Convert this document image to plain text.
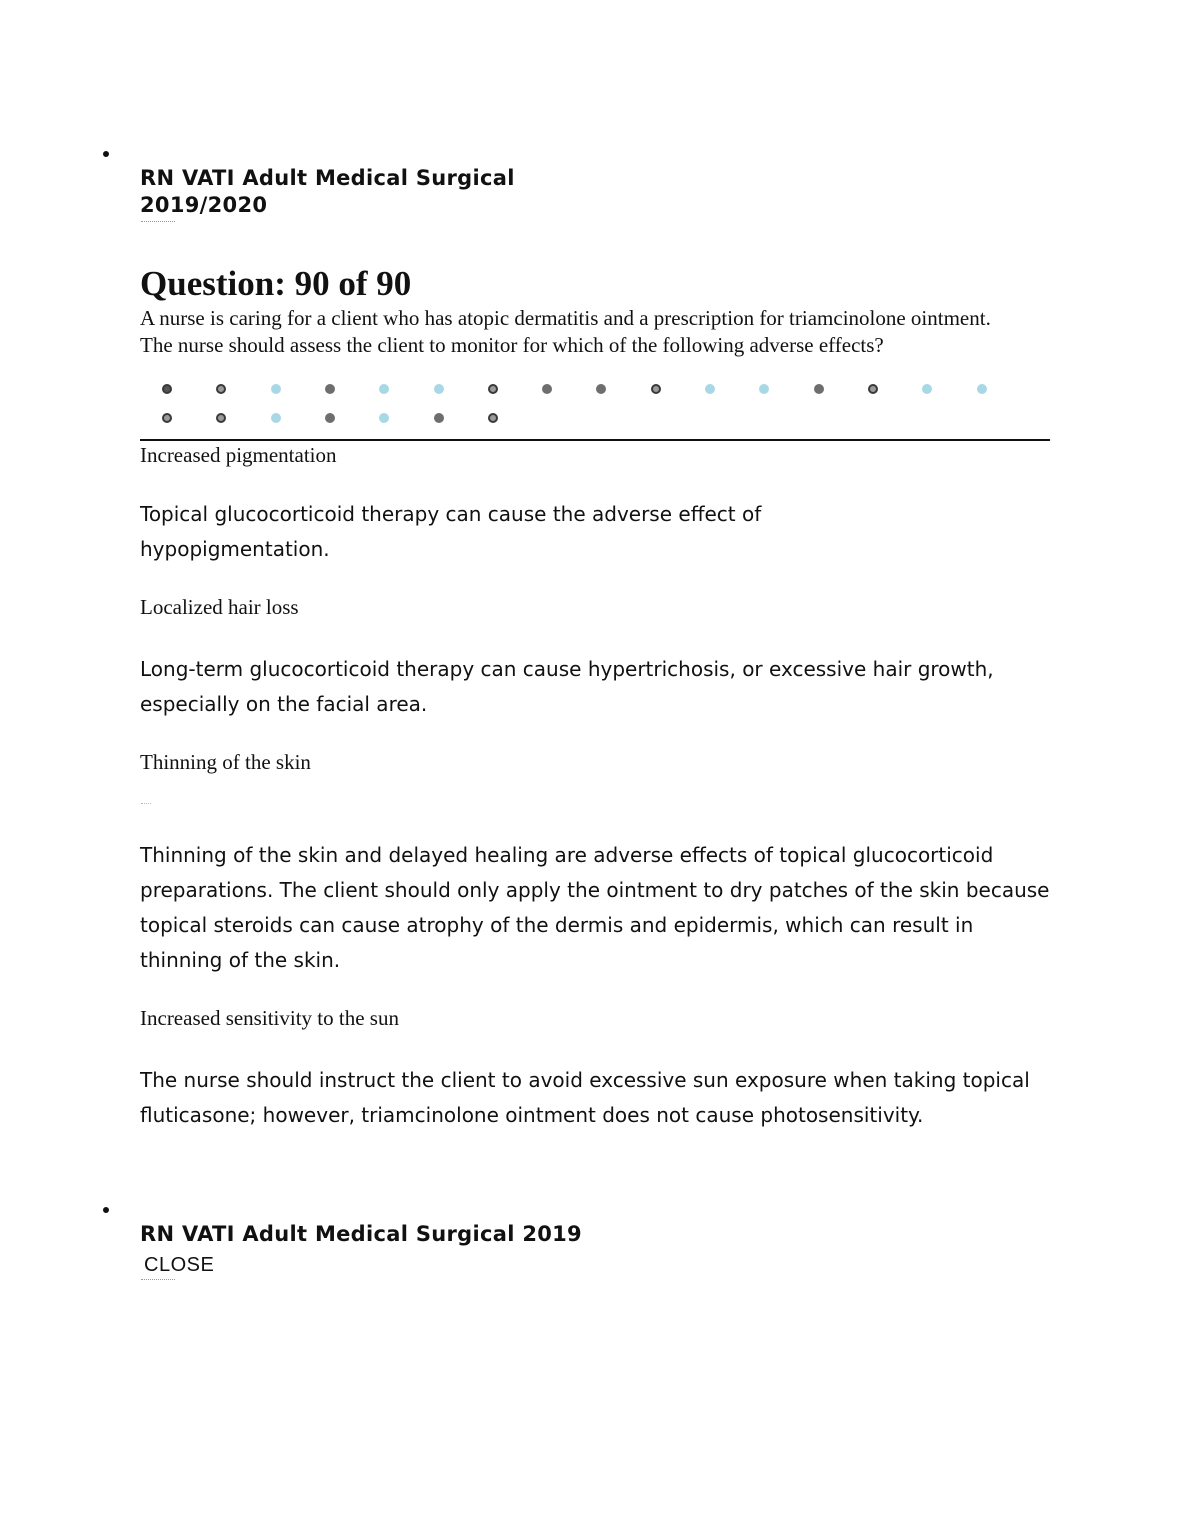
RN VATI Adult Medical Surgical
2019/2020

Question: 90 of 90

A nurse is caring for a client who has atopic dermatitis and a prescription for triamcinolone ointment. The nurse should assess the client to monitor for which of the following adverse effects?

Increased pigmentation

Topical glucocorticoid therapy can cause the adverse effect of hypopigmentation.

Localized hair loss

Long-term glucocorticoid therapy can cause hypertrichosis, or excessive hair growth, especially on the facial area.

Thinning of the skin

Thinning of the skin and delayed healing are adverse effects of topical glucocorticoid preparations. The client should only apply the ointment to dry patches of the skin because topical steroids can cause atrophy of the dermis and epidermis, which can result in thinning of the skin.

Increased sensitivity to the sun

The nurse should instruct the client to avoid excessive sun exposure when taking topical fluticasone; however, triamcinolone ointment does not cause photosensitivity.

RN VATI Adult Medical Surgical 2019

CLOSE
